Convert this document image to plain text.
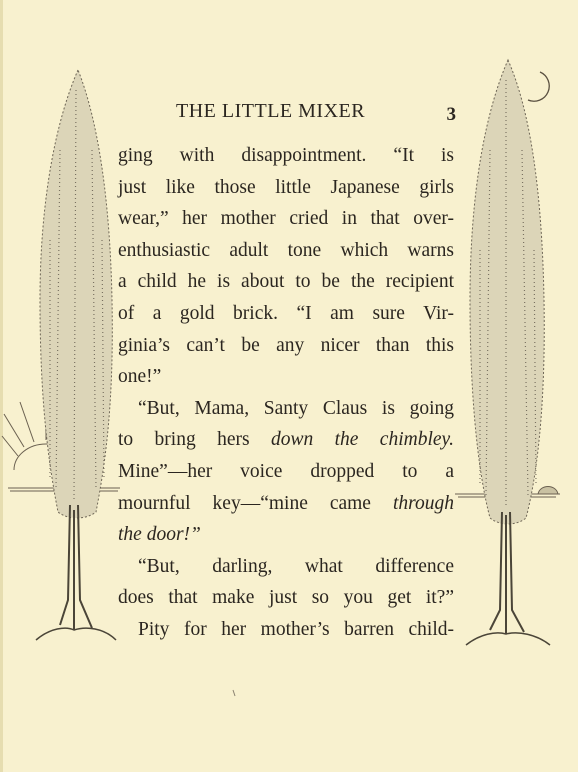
THE LITTLE MIXER	3
ging with disappointment. “It is
just like those little Japanese girls
wear,” her mother cried in that over-
enthusiastic adult tone which warns
a child he is about to be the recipient
of a gold brick. “I am sure Vir-
ginia’s can’t be any nicer than this
one!”
“But, Mama, Santy Claus is going
to bring hers down the chimbley.
Mine”—her voice dropped to a
mournful key—“mine came through
the door!”
“But, darling, what difference
does that make just so you get it?”
Pity for her mother’s barren child-
